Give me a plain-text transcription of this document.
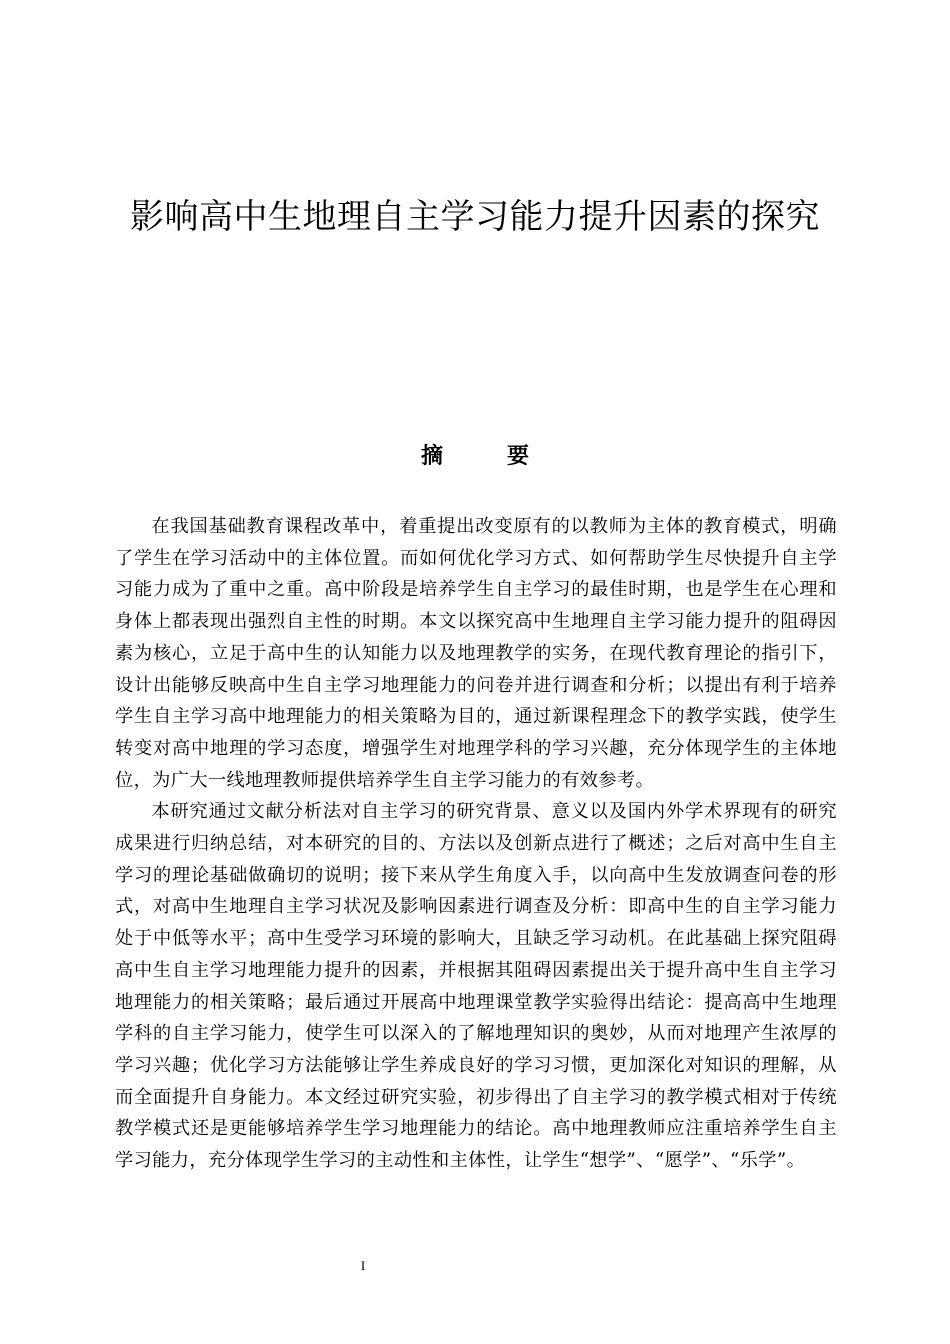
影响高中生地理自主学习能力提升因素的探究
摘	要

在我国基础教育课程改革中，着重提出改变原有的以教师为主体的教育模式，明确了学生在学习活动中的主体位置。而如何优化学习方式、如何帮助学生尽快提升自主学习能力成为了重中之重。高中阶段是培养学生自主学习的最佳时期，也是学生在心理和身体上都表现出强烈自主性的时期。本文以探究高中生地理自主学习能力提升的阻碍因素为核心，立足于高中生的认知能力以及地理教学的实务，在现代教育理论的指引下，设计出能够反映高中生自主学习地理能力的问卷并进行调查和分析；以提出有利于培养学生自主学习高中地理能力的相关策略为目的，通过新课程理念下的教学实践，使学生转变对高中地理的学习态度，增强学生对地理学科的学习兴趣，充分体现学生的主体地位，为广大一线地理教师提供培养学生自主学习能力的有效参考。

本研究通过文献分析法对自主学习的研究背景、意义以及国内外学术界现有的研究成果进行归纳总结，对本研究的目的、方法以及创新点进行了概述；之后对高中生自主学习的理论基础做确切的说明；接下来从学生角度入手，以向高中生发放调查问卷的形式，对高中生地理自主学习状况及影响因素进行调查及分析：即高中生的自主学习能力处于中低等水平；高中生受学习环境的影响大，且缺乏学习动机。在此基础上探究阻碍高中生自主学习地理能力提升的因素，并根据其阻碍因素提出关于提升高中生自主学习地理能力的相关策略；最后通过开展高中地理课堂教学实验得出结论：提高高中生地理学科的自主学习能力，使学生可以深入的了解地理知识的奥妙，从而对地理产生浓厚的学习兴趣；优化学习方法能够让学生养成良好的学习习惯，更加深化对知识的理解，从而全面提升自身能力。本文经过研究实验，初步得出了自主学习的教学模式相对于传统教学模式还是更能够培养学生学习地理能力的结论。高中地理教师应注重培养学生自主学习能力，充分体现学生学习的主动性和主体性，让学生“想学”、“愿学”、“乐学”。

I
